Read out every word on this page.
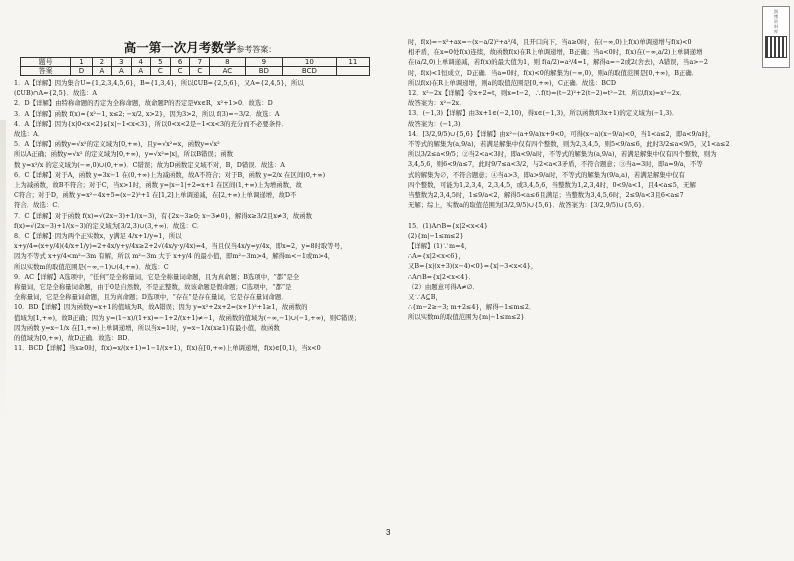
高一第一次月考数学参考答案：
题号	1	2	3	4	5	6	7	8	9	10	11
答案	D	A	A	A	C	C	C	AC	BD	BCD	

1．A【详解】因为集合U={1,2,3,4,5,6}，B={1,3,4}，所以∁UB={2,5,6}，又A={2,4,5}，所以

(∁UB)∩A={2,5}．故选：A

2．D【详解】由特称命题的否定为全称命题，故命题P的否定是∀x∈R，x²+1>0．故选：D

3．A【详解】函数 f(x)={x²−1, x≤2; −x/2, x>2}，因为3>2，所以 f(3)=−3/2．故选：A

4．A【详解】因为{x|0<x<2}⫋{x|−1<x<3}，所以0<x<2是−1<x<3的充分而不必要条件．

故选：A．

5．A【详解】函数y=√x²的定义域为[0,+∞)，且y=√x²=x，函数y=√x²

所以A正确；函数y=√x² 的定义域为[0,+∞)，y=√x²=|x|，所以B错误；函数

数 y=x²/x 的定义域为(−∞,0)∪(0,+∞)．C错误；故为D函数定义域不对，B，D错误．故选：A

6．C【详解】对于A，函数 y=3x−1 在(0,+∞)上为减函数，故A不符合；对于B，函数 y=2/x 在区间(0,+∞)

上为减函数，故B不符合；对于C，当x>1时，函数 y=|x−1|+2=x+1 在区间(1,+∞)上为增函数，故

C符合；对于D，函数 y=x²−4x+5=(x−2)²+1 在[1,2]上单调递减，在[2,+∞)上单调递增，故D不

符合．故选：C．

7．C【详解】对于函数 f(x)=√(2x−3)+1/(x−3)，有{2x−3≥0; x−3≠0}，解得x≥3/2且x≠3，故函数

f(x)=√(2x−3)+1/(x−3)的定义域为[3/2,3)∪(3,+∞)．故选：C．

8．C【详解】因为两个正实数x，y满足 4/x+1/y=1，所以

x+y/4=(x+y/4)(4/x+1/y)=2+4x/y+y/4x≥2+2√(4x/y·y/4x)=4，当且仅当4x/y=y/4x，即x=2，y=8时取等号，

因为不等式 x+y/4<m²−3m 有解，所以 m²−3m 大于 x+y/4 的最小值，即m²−3m>4，解得m<−1或m>4，

所以实数m的取值范围是(−∞,−1)∪(4,+∞)．故选：C

9．AC【详解】A选项中，“任何”是全称量词，它是全称量词命题，且为真命题；B选项中，“都”是全

称量词，它是全称量词命题，由于0是自然数，不是正整数，故该命题是假命题；C选项中，“都”是

全称量词，它是全称量词命题，且为真命题；D选项中，“存在”是存在量词，它是存在量词命题．

10．BD【详解】因为函数y=x+1的值域为R，故A错误；因为 y=x²+2x+2=(x+1)²+1≥1，故函数的

值域为[1,+∞)，故B正确；因为 y=(1−x)/(1+x)=−1+2/(x+1)≠−1，故函数的值域为(−∞,−1)∪(−1,+∞)，则C错误；

因为函数 y=x−1/x 在[1,+∞)上单调递增，所以当x=1时，y=x−1/x(x≥1)有最小值，故函数

的值域为[0,+∞)，故D正确．故选：BD．

11．BCD【详解】当x≥0时，f(x)=x/(x+1)=1−1/(x+1)，f(x)在[0,+∞)上单调递增，f(x)∈[0,1)，当x<0

时，f(x)=−x²+ax=−(x−a/2)²+a²/4，且开口向下，当a≥0时，在(−∞,0)上f(x)单调递增与f(x)<0

相矛盾，在x=0处f(x)连续，故函数f(x)在R上单调递增，B正确；当a<0时，f(x)在(−∞,a/2)上单调递增

在(a/2,0)上单调递减，若f(x)的最大值为1，则 f(a/2)=a²/4=1，解得a=−2或2(舍去)，A错误，当a>−2

时，f(x)<1恒成立，D正确．当a=0时，f(x)<0的解集为(−∞,0)，则a的取值范围是[0,+∞)，B正确．

所以f(x)在R上单调递增，则a的取值范围是[0,+∞)，C正确．故选：BCD

12．x²−2x【详解】令x+2=t，则x=t−2，∴f(t)=(t−2)²+2(t−2)=t²−2t．所以f(x)=x²−2x．

故答案为：x²−2x．

13．(−1,3)【详解】由3x+1∈(−2,10)，得x∈(−1,3)，所以函数f(3x+1)的定义域为(−1,3)．

故答案为：(−1,3)

14．[3/2,9/5)∪{5,6}【详解】由x²−(a+9/a)x+9<0，可得(x−a)(x−9/a)<0，当1<a≤2，即a<9/a时，

不等式的解集为(a,9/a)，若满足解集中仅有四个整数，则为2,3,4,5，则5<9/a≤6，此时3/2≤a<9/5，又1<a≤2

所以3/2≤a<9/5；②当2<a<3时，即a<9/a时，不等式的解集为(a,9/a)，若满足解集中仅有四个整数，则为

3,4,5,6，则6<9/a≤7，此时9/7≤a<3/2，与2<a<3矛盾，不符合题意；③当a=3时，即a=9/a，不等

式的解集为∅，不符合题意；④当a>3，即a>9/a时，不等式的解集为(9/a,a)，若满足解集中仅有

四个整数，可能为1,2,3,4，2,3,4,5，或3,4,5,6，当整数为1,2,3,4时，0<9/a<1，且4<a≤5，无解

当整数为2,3,4,5时，1≤9/a<2，解得5<a≤6且满足；当整数为3,4,5,6时，2≤9/a<3且6<a≤7

无解；综上，实数a的取值范围为[3/2,9/5)∪{5,6}．故答案为：[3/2,9/5)∪{5,6}．

15．(1)A∩B={x|2<x<4}

(2){m|−1≤m≤2}

【详解】(1)∵m=4，

∴A={x|2<x<6}，

又B={x|(x+3)(x−4)<0}={x|−3<x<4}，

∴A∩B={x|2<x<4}．

（2）由题意可得A≠∅．

又∵A⊆B，

∴{m−2≥−3; m+2≤4}，解得−1≤m≤2．

所以实数m的取值范围为{m|−1≤m≤2}

3
润博资料库
